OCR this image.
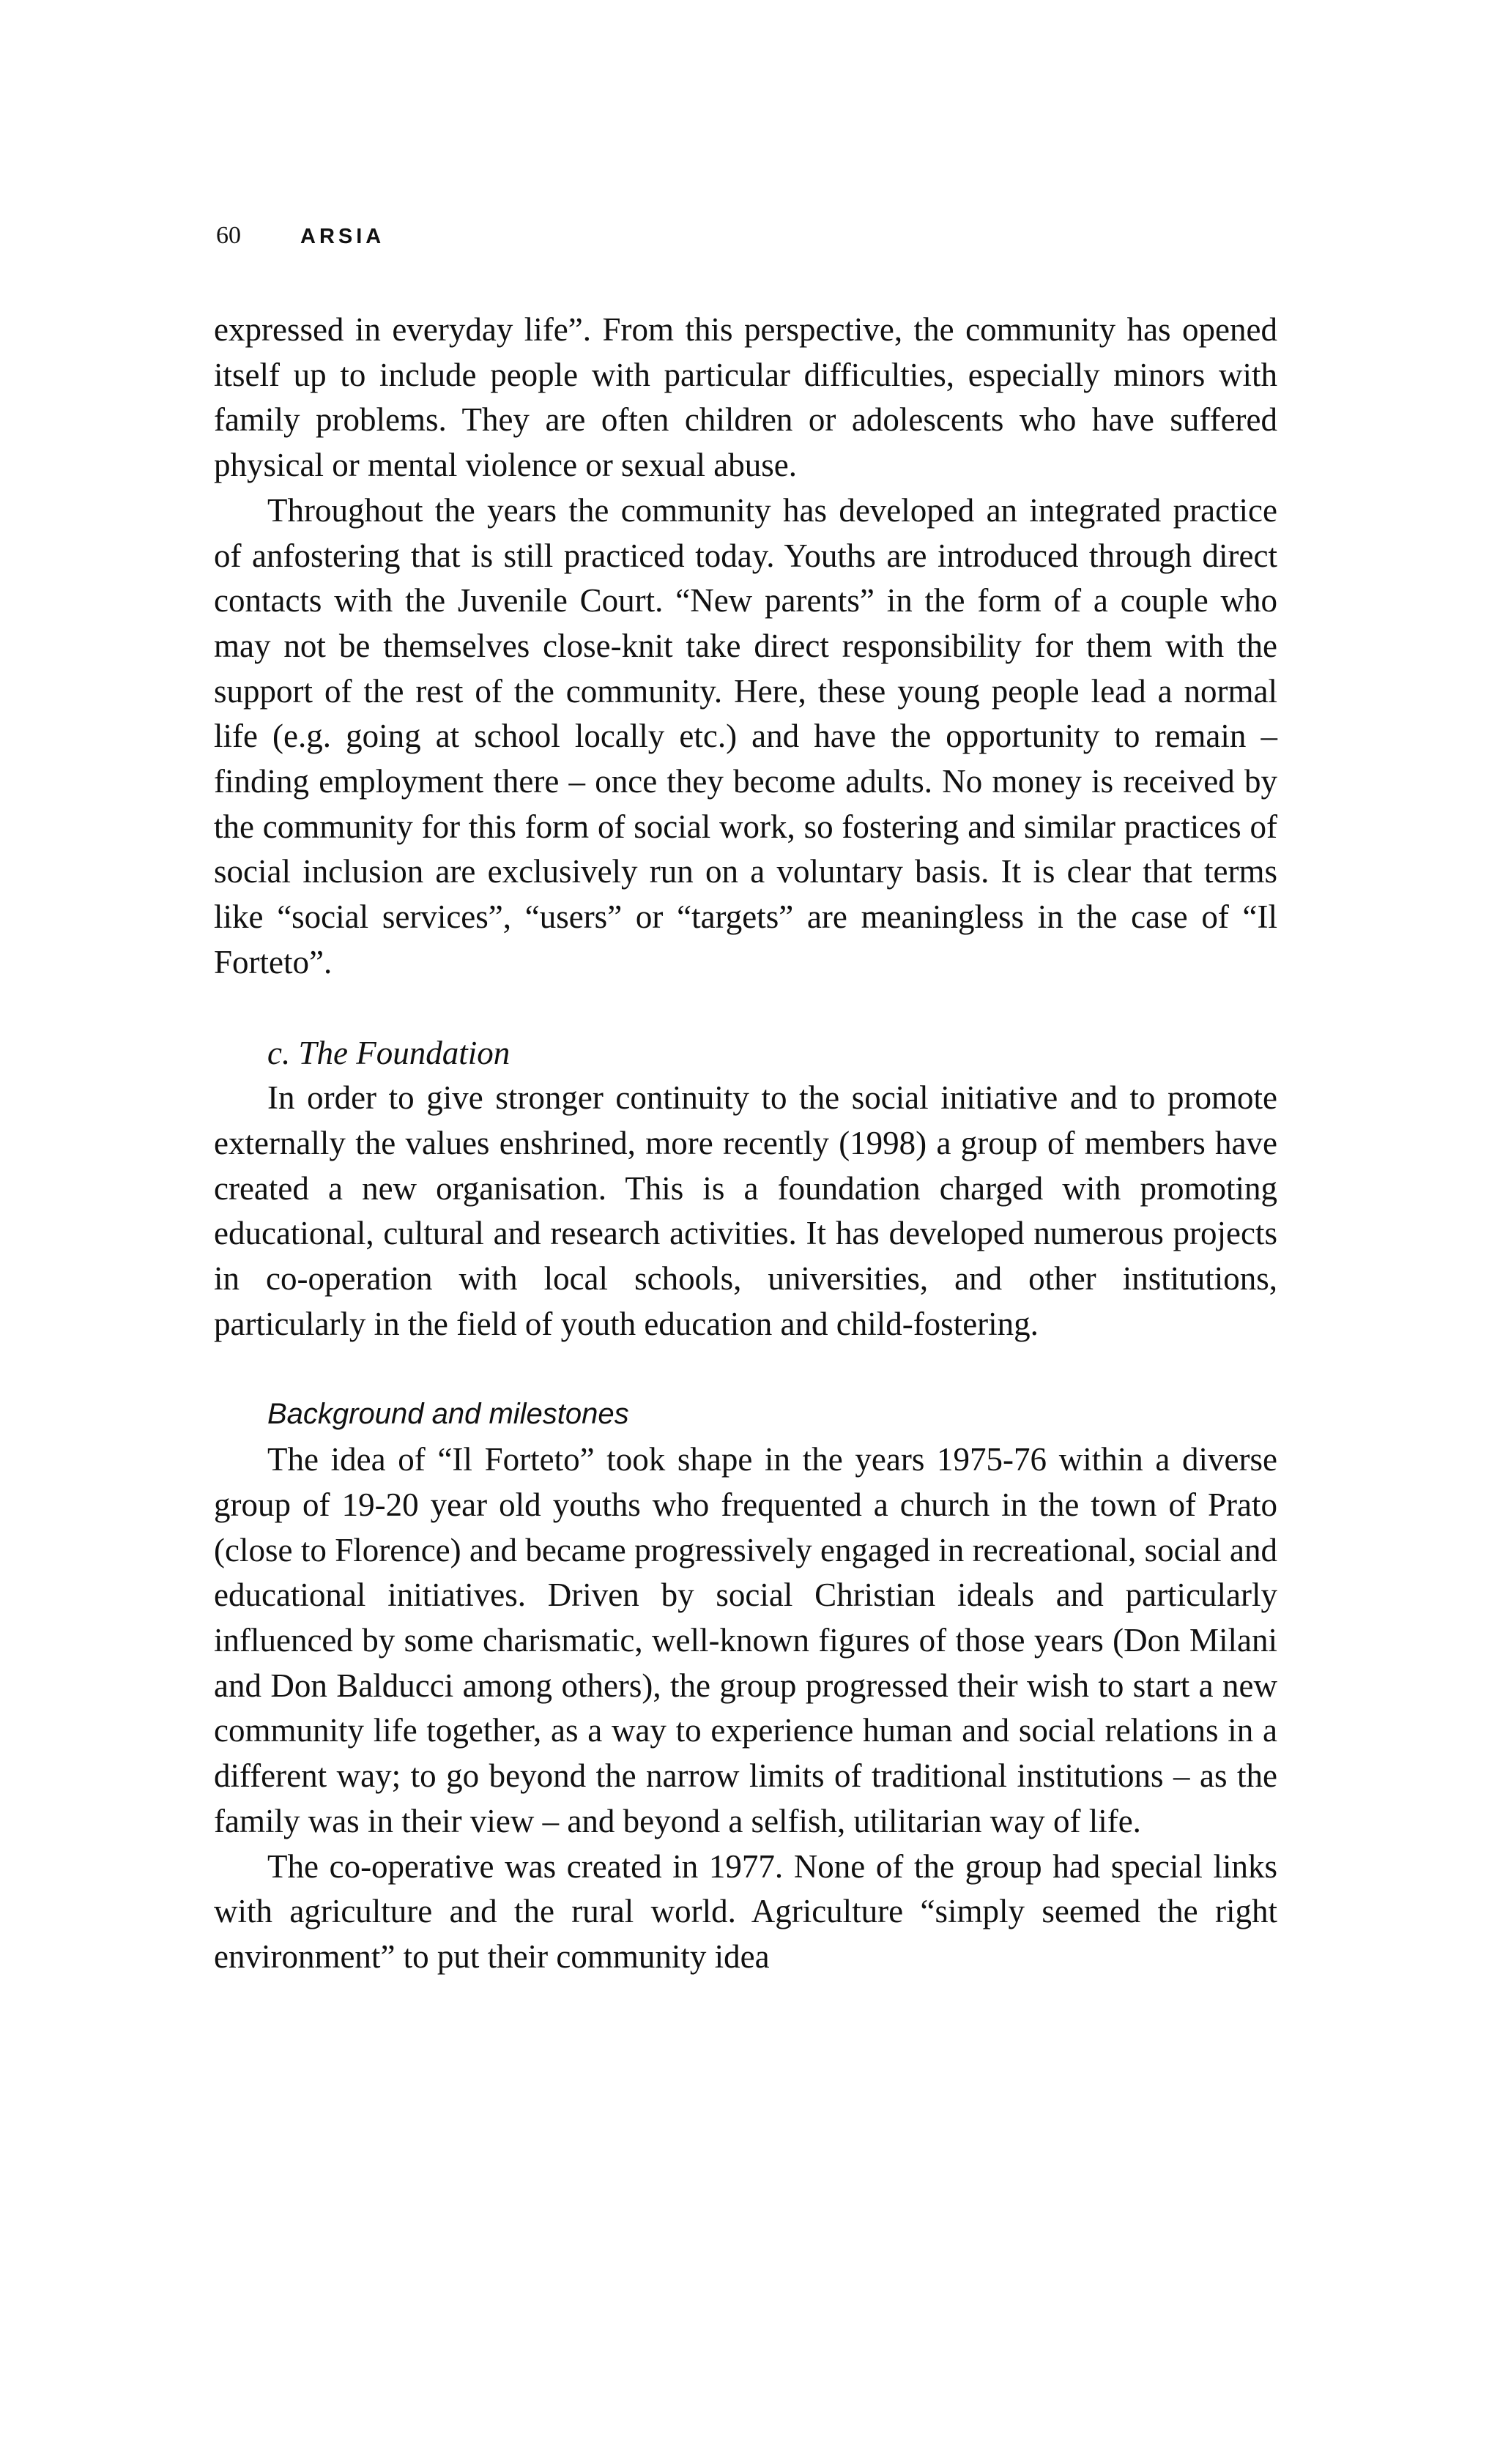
60	ARSIA

expressed in everyday life”. From this perspective, the community has opened itself up to include people with particular difficulties, especially minors with family problems. They are often children or adolescents who have suffered physical or mental violence or sexual abuse.

Throughout the years the community has developed an integrated practice of anfostering that is still practiced today. Youths are introduced through direct contacts with the Juvenile Court. “New parents” in the form of a couple who may not be themselves close-knit take direct responsibility for them with the support of the rest of the community. Here, these young people lead a normal life (e.g. going at school locally etc.) and have the opportunity to remain – finding employment there – once they become adults. No money is received by the community for this form of social work, so fostering and similar practices of social inclusion are exclusively run on a voluntary basis. It is clear that terms like “social services”, “users” or “targets” are meaningless in the case of “Il Forteto”.

c. The Foundation

In order to give stronger continuity to the social initiative and to promote externally the values enshrined, more recently (1998) a group of members have created a new organisation. This is a foundation charged with promoting educational, cultural and research activities. It has developed numerous projects in co-operation with local schools, universities, and other institutions, particularly in the field of youth education and child-fostering.

Background and milestones

The idea of “Il Forteto” took shape in the years 1975-76 within a diverse group of 19-20 year old youths who frequented a church in the town of Prato (close to Florence) and became progressively engaged in recreational, social and educational initiatives. Driven by social Christian ideals and particularly influenced by some charismatic, well-known figures of those years (Don Milani and Don Balducci among others), the group progressed their wish to start a new community life together, as a way to experience human and social relations in a different way; to go beyond the narrow limits of traditional institutions – as the family was in their view – and beyond a selfish, utilitarian way of life.

The co-operative was created in 1977. None of the group had special links with agriculture and the rural world. Agriculture “simply seemed the right environment” to put their community idea
